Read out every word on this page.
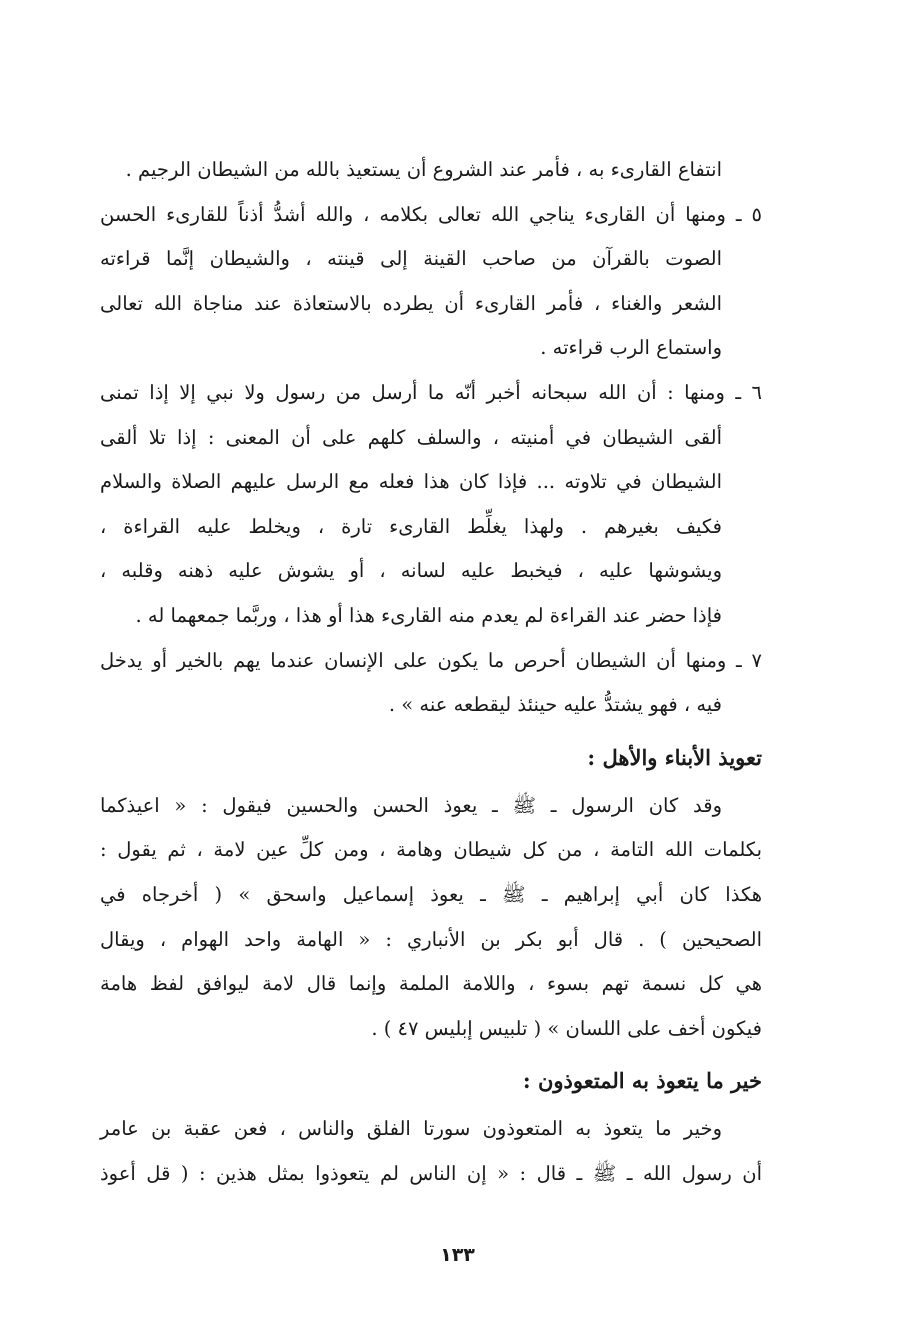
انتفاع القارىء به ، فأمر عند الشروع أن يستعيذ بالله من الشيطان الرجيم .
٥ ـ ومنها أن القارىء يناجي الله تعالى بكلامه ، والله أشدُّ أذناً للقارىء الحسن
الصوت بالقرآن من صاحب القينة إلى قينته ، والشيطان إنَّما قراءته
الشعر والغناء ، فأمر القارىء أن يطرده بالاستعاذة عند مناجاة الله تعالى
واستماع الرب قراءته .
٦ ـ ومنها : أن الله سبحانه أخبر أنّه ما أرسل من رسول ولا نبي إلا إذا تمنى
ألقى الشيطان في أمنيته ، والسلف كلهم على أن المعنى : إذا تلا ألقى
الشيطان في تلاوته ... فإذا كان هذا فعله مع الرسل عليهم الصلاة والسلام
فكيف بغيرهم . ولهذا يغلِّط القارىء تارة ، ويخلط عليه القراءة ،
ويشوشها عليه ، فيخبط عليه لسانه ، أو يشوش عليه ذهنه وقلبه ،
فإذا حضر عند القراءة لم يعدم منه القارىء هذا أو هذا ، وربَّما جمعهما له .
٧ ـ ومنها أن الشيطان أحرص ما يكون على الإنسان عندما يهم بالخير أو يدخل
فيه ، فهو يشتدُّ عليه حينئذ ليقطعه عنه » .
تعويذ الأبناء والأهل :
وقد كان الرسول ـ ﷺ ـ يعوذ الحسن والحسين فيقول : « اعيذكما
بكلمات الله التامة ، من كل شيطان وهامة ، ومن كلِّ عين لامة ، ثم يقول :
هكذا كان أبي إبراهيم ـ ﷺ ـ يعوذ إسماعيل واسحق » ( أخرجاه في
الصحيحين ) . قال أبو بكر بن الأنباري : « الهامة واحد الهوام ، ويقال
هي كل نسمة تهم بسوء ، واللامة الملمة وإنما قال لامة ليوافق لفظ هامة
فيكون أخف على اللسان » ( تلبيس إبليس ٤٧ ) .
خير ما يتعوذ به المتعوذون :
وخير ما يتعوذ به المتعوذون سورتا الفلق والناس ، فعن عقبة بن عامر
أن رسول الله ـ ﷺ ـ قال : « إن الناس لم يتعوذوا بمثل هذين : ( قل أعوذ
١٣٣
